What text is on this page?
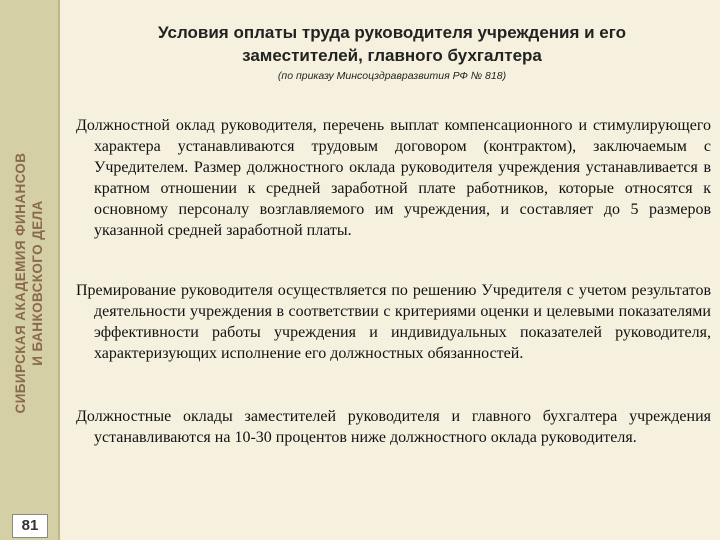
СИБИРСКАЯ АКАДЕМИЯ ФИНАНСОВ И БАНКОВСКОГО ДЕЛА
81
Условия оплаты труда руководителя учреждения и его
заместителей, главного бухгалтера
(по приказу Минсоцздравразвития РФ № 818)

Должностной оклад руководителя, перечень выплат компенсационного и стимулирующего характера устанавливаются трудовым договором (контрактом), заключаемым с Учредителем. Размер должностного оклада руководителя учреждения устанавливается в кратном отношении к средней заработной плате работников, которые относятся к основному персоналу возглавляемого им учреждения, и составляет до 5 размеров указанной средней заработной платы.

Премирование руководителя осуществляется по решению Учредителя с учетом результатов деятельности учреждения в соответствии с критериями оценки и целевыми показателями эффективности работы учреждения и индивидуальных показателей руководителя, характеризующих исполнение его должностных обязанностей.

Должностные оклады заместителей руководителя и главного бухгалтера учреждения устанавливаются на 10-30 процентов ниже должностного оклада руководителя.
